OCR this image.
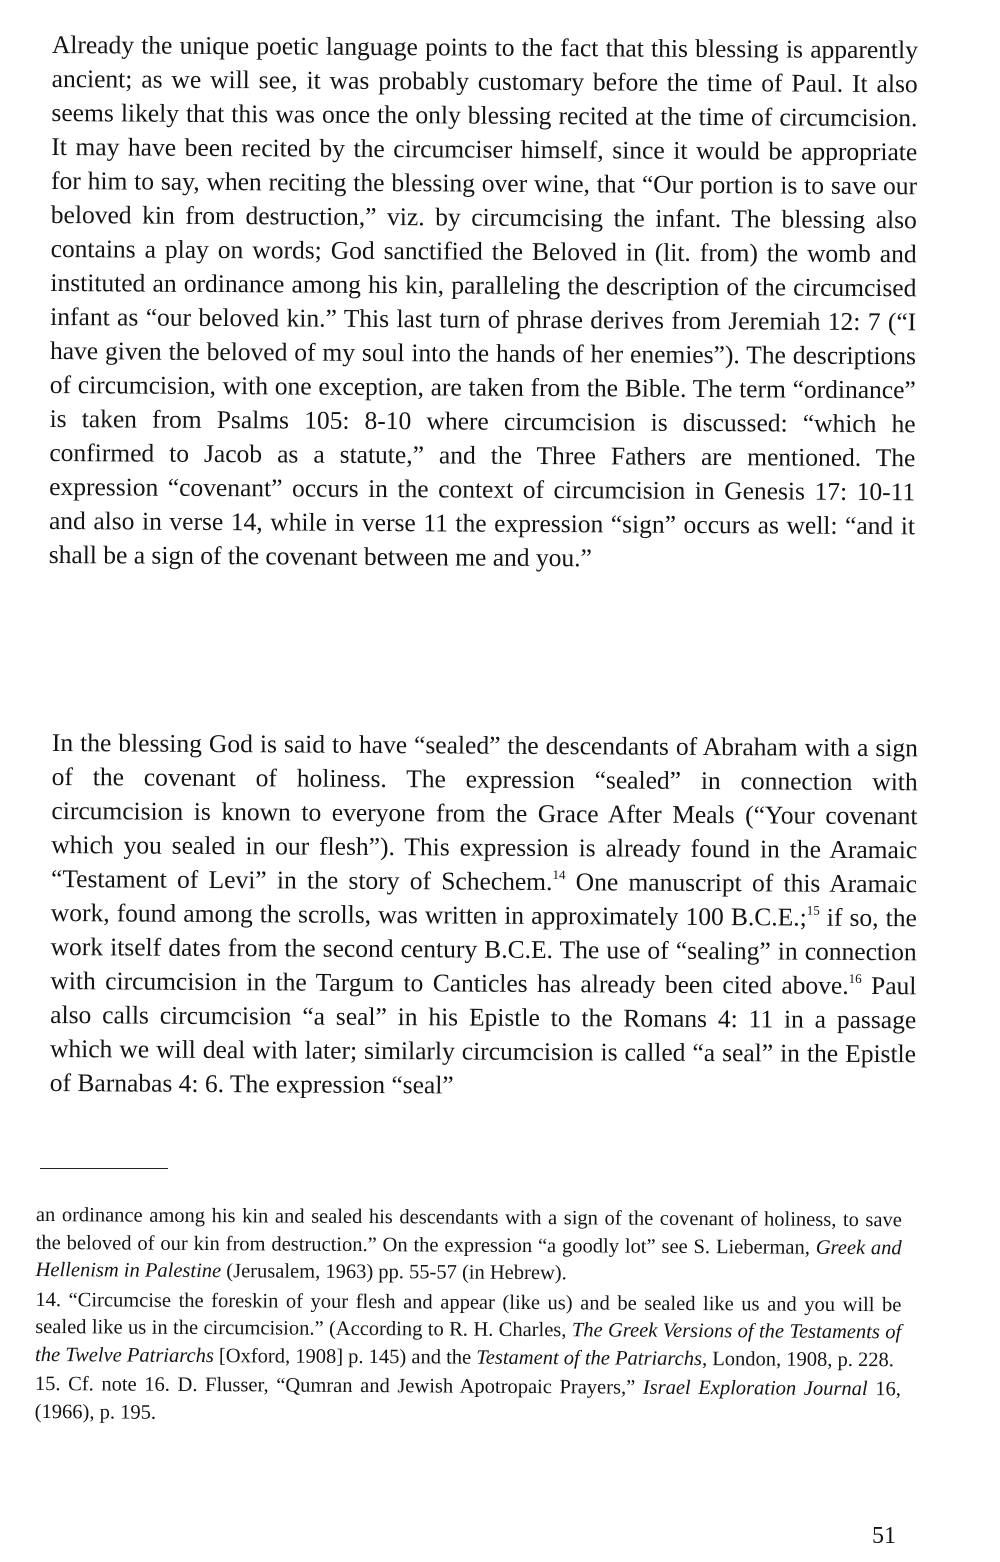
Already the unique poetic language points to the fact that this blessing is apparently ancient; as we will see, it was probably customary before the time of Paul. It also seems likely that this was once the only blessing recited at the time of circumcision. It may have been recited by the circumciser himself, since it would be appropriate for him to say, when reciting the blessing over wine, that “Our portion is to save our beloved kin from destruction,” viz. by circumcising the infant. The blessing also contains a play on words; God sanctified the Beloved in (lit. from) the womb and instituted an ordinance among his kin, paralleling the description of the circumcised infant as “our beloved kin.” This last turn of phrase derives from Jeremiah 12: 7 (“I have given the beloved of my soul into the hands of her enemies”). The descriptions of circumcision, with one exception, are taken from the Bible. The term “ordinance” is taken from Psalms 105: 8-10 where circumcision is discussed: “which he confirmed to Jacob as a statute,” and the Three Fathers are mentioned. The expression “covenant” occurs in the context of circumcision in Genesis 17: 10-11 and also in verse 14, while in verse 11 the expression “sign” occurs as well: “and it shall be a sign of the covenant between me and you.”

In the blessing God is said to have “sealed” the descendants of Abraham with a sign of the covenant of holiness. The expression “sealed” in connection with circumcision is known to everyone from the Grace After Meals (“Your covenant which you sealed in our flesh”). This expression is already found in the Aramaic “Testament of Levi” in the story of Schechem.$^{14}$ One manuscript of this Aramaic work, found among the scrolls, was written in approximately 100 B.C.E.;$^{15}$ if so, the work itself dates from the second century B.C.E. The use of “sealing” in connection with circumcision in the Targum to Canticles has already been cited above.$^{16}$ Paul also calls circumcision “a seal” in his Epistle to the Romans 4: 11 in a passage which we will deal with later; similarly circumcision is called “a seal” in the Epistle of Barnabas 4: 6. The expression “seal”

an ordinance among his kin and sealed his descendants with a sign of the covenant of holiness, to save the beloved of our kin from destruction.” On the expression “a goodly lot” see S. Lieberman, Greek and Hellenism in Palestine (Jerusalem, 1963) pp. 55-57 (in Hebrew).

14. “Circumcise the foreskin of your flesh and appear (like us) and be sealed like us and you will be sealed like us in the circumcision.” (According to R. H. Charles, The Greek Versions of the Testaments of the Twelve Patriarchs [Oxford, 1908] p. 145) and the Testament of the Patriarchs, London, 1908, p. 228.

15. Cf. note 16. D. Flusser, “Qumran and Jewish Apotropaic Prayers,” Israel Exploration Journal 16, (1966), p. 195.

51
